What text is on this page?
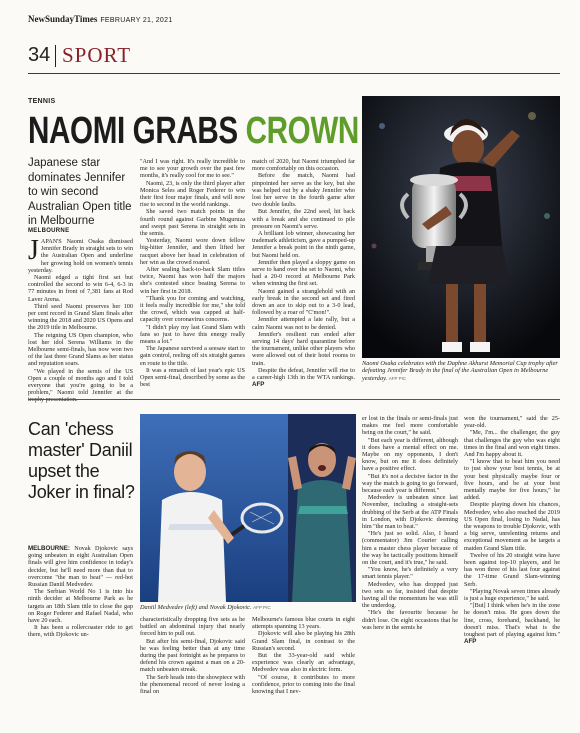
NewSundayTimes FEBRUARY 21, 2021
34 SPORT
TENNIS
NAOMI GRABS CROWN
Japanese star dominates Jennifer to win second Australian Open title in Melbourne
MELBOURNE

JAPAN'S Naomi Osaka dismissed Jennifer Brady in straight sets to win the Australian Open and underline her growing hold on women's tennis yesterday.

Naomi edged a tight first set but controlled the second to win 6-4, 6-3 in 77 minutes in front of 7,381 fans at Rod Laver Arena.

Third seed Naomi preserves her 100 per cent record in Grand Slam finals after winning the 2018 and 2020 US Opens and the 2019 title in Melbourne.

The reigning US Open champion, who lost her idol Serena Williams in the Melbourne semi-finals, has now won two of the last three Grand Slams as her status and reputation soars.

"We played in the semis of the US Open a couple of months ago and I told everyone that you're going to be a problem," Naomi told Jennifer at the

"And I was right. It's really incredible to me to see your growth over the past few months, it's really cool for me to see."

Naomi, 23, is only the third player after Monica Seles and Roger Federer to win their first four major finals, and will now rise to second in the world rankings.

She saved two match points in the fourth round against Garbine Muguruza and swept past Serena in straight sets in the semis.

Yesterday, Naomi wore down fellow big-hitter Jennifer, and then lifted her racquet above her head in celebration of her win as the crowd roared.

After sealing back-to-back Slam titles twice, Naomi has won half the majors she's contested since beating Serena to win her first in 2018.

"Thank you for coming and watching, it feels really incredible for me," she told the crowd, which was capped at half-capacity over coronavirus concerns.

"I didn't play my last Grand Slam with fans so just to have this energy really means a lot."

The Japanese survived a seesaw start to gain control, reeling off six straight games en route to the title.

It was a rematch of last year's epic US Open semi-final, described by some as the best

match of 2020, but Naomi triumphed far more comfortably on this occasion.

Before the match, Naomi had pinpointed her serve as the key, but she was helped out by a shaky Jennifer who lost her serve in the fourth game after two double faults.

But Jennifer, the 22nd seed, hit back with a break and she continued to pile pressure on Naomi's serve.

A brilliant lob winner, showcasing her trademark athleticism, gave a pumped-up Jennifer a break point in the ninth game, but Naomi held on.

Jennifer then played a sloppy game on serve to hand over the set to Naomi, who had a 20-0 record at Melbourne Park when winning the first set.

Naomi gained a stranglehold with an early break in the second set and fired down an ace to skip out to a 3-0 lead, followed by a roar of "C'mon!".

Jennifer attempted a late rally, but a calm Naomi was not to be denied.

Jennifer's resilient run ended after serving 14 days' hard quarantine before the tournament, unlike other players who were allowed out of their hotel rooms to train.

Despite the defeat, Jennifer will rise to a career-high 13th in the WTA rankings. AFP

Naomi Osaka celebrates with the Daphne Akhurst Memorial Cup trophy after defeating Jennifer Brady in the final of the Australian Open in Melbourne yesterday. AFP PIC
Can 'chess master' Daniil upset the Joker in final?
Daniil Medvedev (left) and Novak Djokovic. AFP PIC

MELBOURNE: Novak Djokovic says going unbeaten in eight Australian Open finals will give him confidence in today's decider, but he'll need more than that to overcome "the man to beat" — red-hot Russian Daniil Medvedev.

The Serbian World No 1 is into his ninth decider at Melbourne Park as he targets an 18th Slam title to close the gap on Roger Federer and Rafael Nadal, who have 20 each.

It has been a rollercoaster ride to get there, with Djokovic un-

characteristically dropping five sets as he battled an abdominal injury that nearly forced him to pull out.

But after his semi-final, Djokovic said he was feeling better than at any time during the past fortnight as he prepares to defend his crown against a man on a 20-match unbeaten streak.

The Serb heads into the showpiece with the phenomenal record of never losing a final on

Melbourne's famous blue courts in eight attempts spanning 13 years.

Djokovic will also be playing his 28th Grand Slam final, in contrast to the Russian's second.

But the 33-year-old said while experience was clearly an advantage, Medvedev was also in electric form.

"Of course, it contributes to more confidence, prior to coming into the final knowing that I nev-

er lost in the finals or semi-finals just makes me feel more comfortable being on the court," he said.

"But each year is different, although it does have a mental effect on me. Maybe on my opponents, I don't know, but on me it does definitely have a positive effect.

"But it's not a decisive factor in the way the match is going to go forward, because each year is different."

Medvedev is unbeaten since last November, including a straight-sets drubbing of the Serb at the ATP Finals in London, with Djokovic deeming him "the man to beat."

"He's just so solid. Also, I heard (commentator) Jim Courier calling him a master chess player because of the way he tactically positions himself on the court, and it's true," he said.

"You know, he's definitely a very smart tennis player."

Medvedev, who has dropped just two sets so far, insisted that despite having all the momentum he was still the underdog.

"He's the favourite because he didn't lose. On eight occasions that he was here in the semis he

won the tournament," said the 25-year-old.

"Me, I'm... the challenger, the guy that challenges the guy who was eight times in the final and won eight times. And I'm happy about it.

"I know that to beat him you need to just show your best tennis, be at your best physically maybe four or five hours, and be at your best mentally maybe for five hours," he added.

Despite playing down his chances, Medvedev, who also reached the 2019 US Open final, losing to Nadal, has the weapons to trouble Djokovic, with a big serve, unrelenting returns and exceptional movement as he targets a maiden Grand Slam title.

Twelve of his 20 straight wins have been against top-10 players, and he has won three of his last four against the 17-time Grand Slam-winning Serb.

"Playing Novak seven times already is just a huge experience," he said.

"[But] I think when he's in the zone he doesn't miss. He goes down the line, cross, forehand, backhand, he doesn't miss. That's what is the toughest part of playing against him." AFP
